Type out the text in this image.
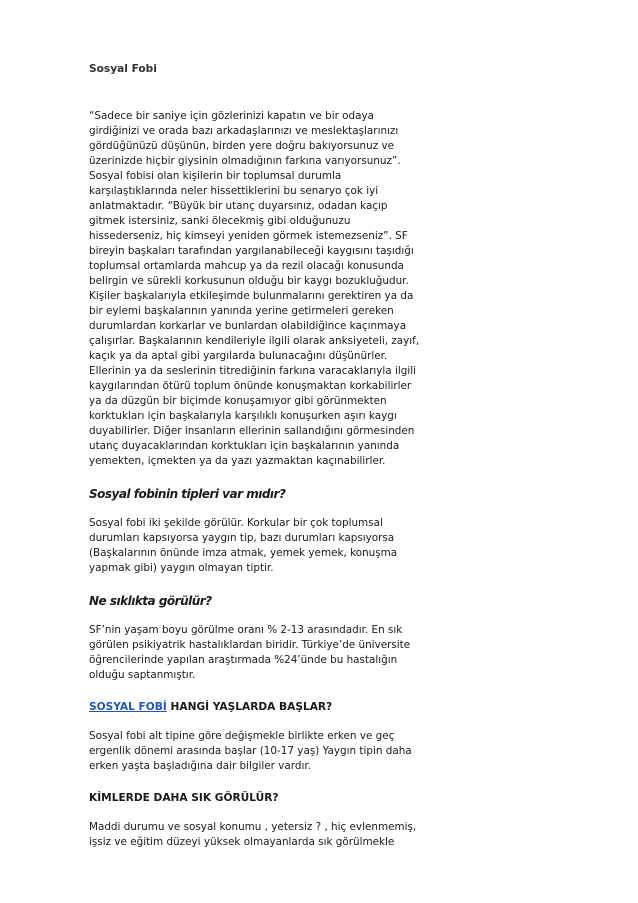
Sosyal Fobi

“Sadece bir saniye için gözlerinizi kapatın ve bir odaya
girdiğinizi ve orada bazı arkadaşlarınızı ve meslektaşlarınızı
gördüğünüzü düşünün, birden yere doğru bakıyorsunuz ve
üzerinizde hiçbir giysinin olmadığının farkına varıyorsunuz”.
Sosyal fobisi olan kişilerin bir toplumsal durumla
karşılaştıklarında neler hissettiklerini bu senaryo çok iyi
anlatmaktadır. “Büyük bir utanç duyarsınız, odadan kaçıp
gitmek istersiniz, sanki ölecekmiş gibi olduğunuzu
hissederseniz, hiç kimseyi yeniden görmek istemezseniz”. SF
bireyin başkaları tarafından yargılanabileceği kaygısını taşıdığı
toplumsal ortamlarda mahcup ya da rezil olacağı konusunda
belirgin ve sürekli korkusunun olduğu bir kaygı bozukluğudur.
Kişiler başkalarıyla etkileşimde bulunmalarını gerektiren ya da
bir eylemi başkalarının yanında yerine getirmeleri gereken
durumlardan korkarlar ve bunlardan olabildiğince kaçınmaya
çalışırlar. Başkalarının kendileriyle ilgili olarak anksiyeteli, zayıf,
kaçık ya da aptal gibi yargılarda bulunacağını düşünürler.
Ellerinin ya da seslerinin titrediğinin farkına varacaklarıyla ilgili
kaygılarından ötürü toplum önünde konuşmaktan korkabilirler
ya da düzgün bir biçimde konuşamıyor gibi görünmekten
korktukları için başkalarıyla karşılıklı konuşurken aşırı kaygı
duyabilirler. Diğer insanların ellerinin sallandığını görmesinden
utanç duyacaklarından korktukları için başkalarının yanında
yemekten, içmekten ya da yazı yazmaktan kaçınabilirler.

Sosyal fobinin tipleri var mıdır?

Sosyal fobi iki şekilde görülür. Korkular bir çok toplumsal
durumları kapsıyorsa yaygın tip, bazı durumları kapsıyorsa
(Başkalarının önünde imza atmak, yemek yemek, konuşma
yapmak gibi) yaygın olmayan tiptir.

Ne sıklıkta görülür?

SF’nin yaşam boyu görülme oranı % 2-13 arasındadır. En sık
görülen psikiyatrik hastalıklardan biridir. Türkiye’de üniversite
öğrencilerinde yapılan araştırmada %24’ünde bu hastalığın
olduğu saptanmıştır.

SOSYAL FOBİ HANGİ YAŞLARDA BAŞLAR?

Sosyal fobi alt tipine göre değişmekle birlikte erken ve geç
ergenlik dönemi arasında başlar (10-17 yaş) Yaygın tipin daha
erken yaşta başladığına dair bilgiler vardır.

KİMLERDE DAHA SIK GÖRÜLÜR?

Maddi durumu ve sosyal konumu , yetersiz ? , hiç evlenmemiş,
işsiz ve eğitim düzeyi yüksek olmayanlarda sık görülmekle
